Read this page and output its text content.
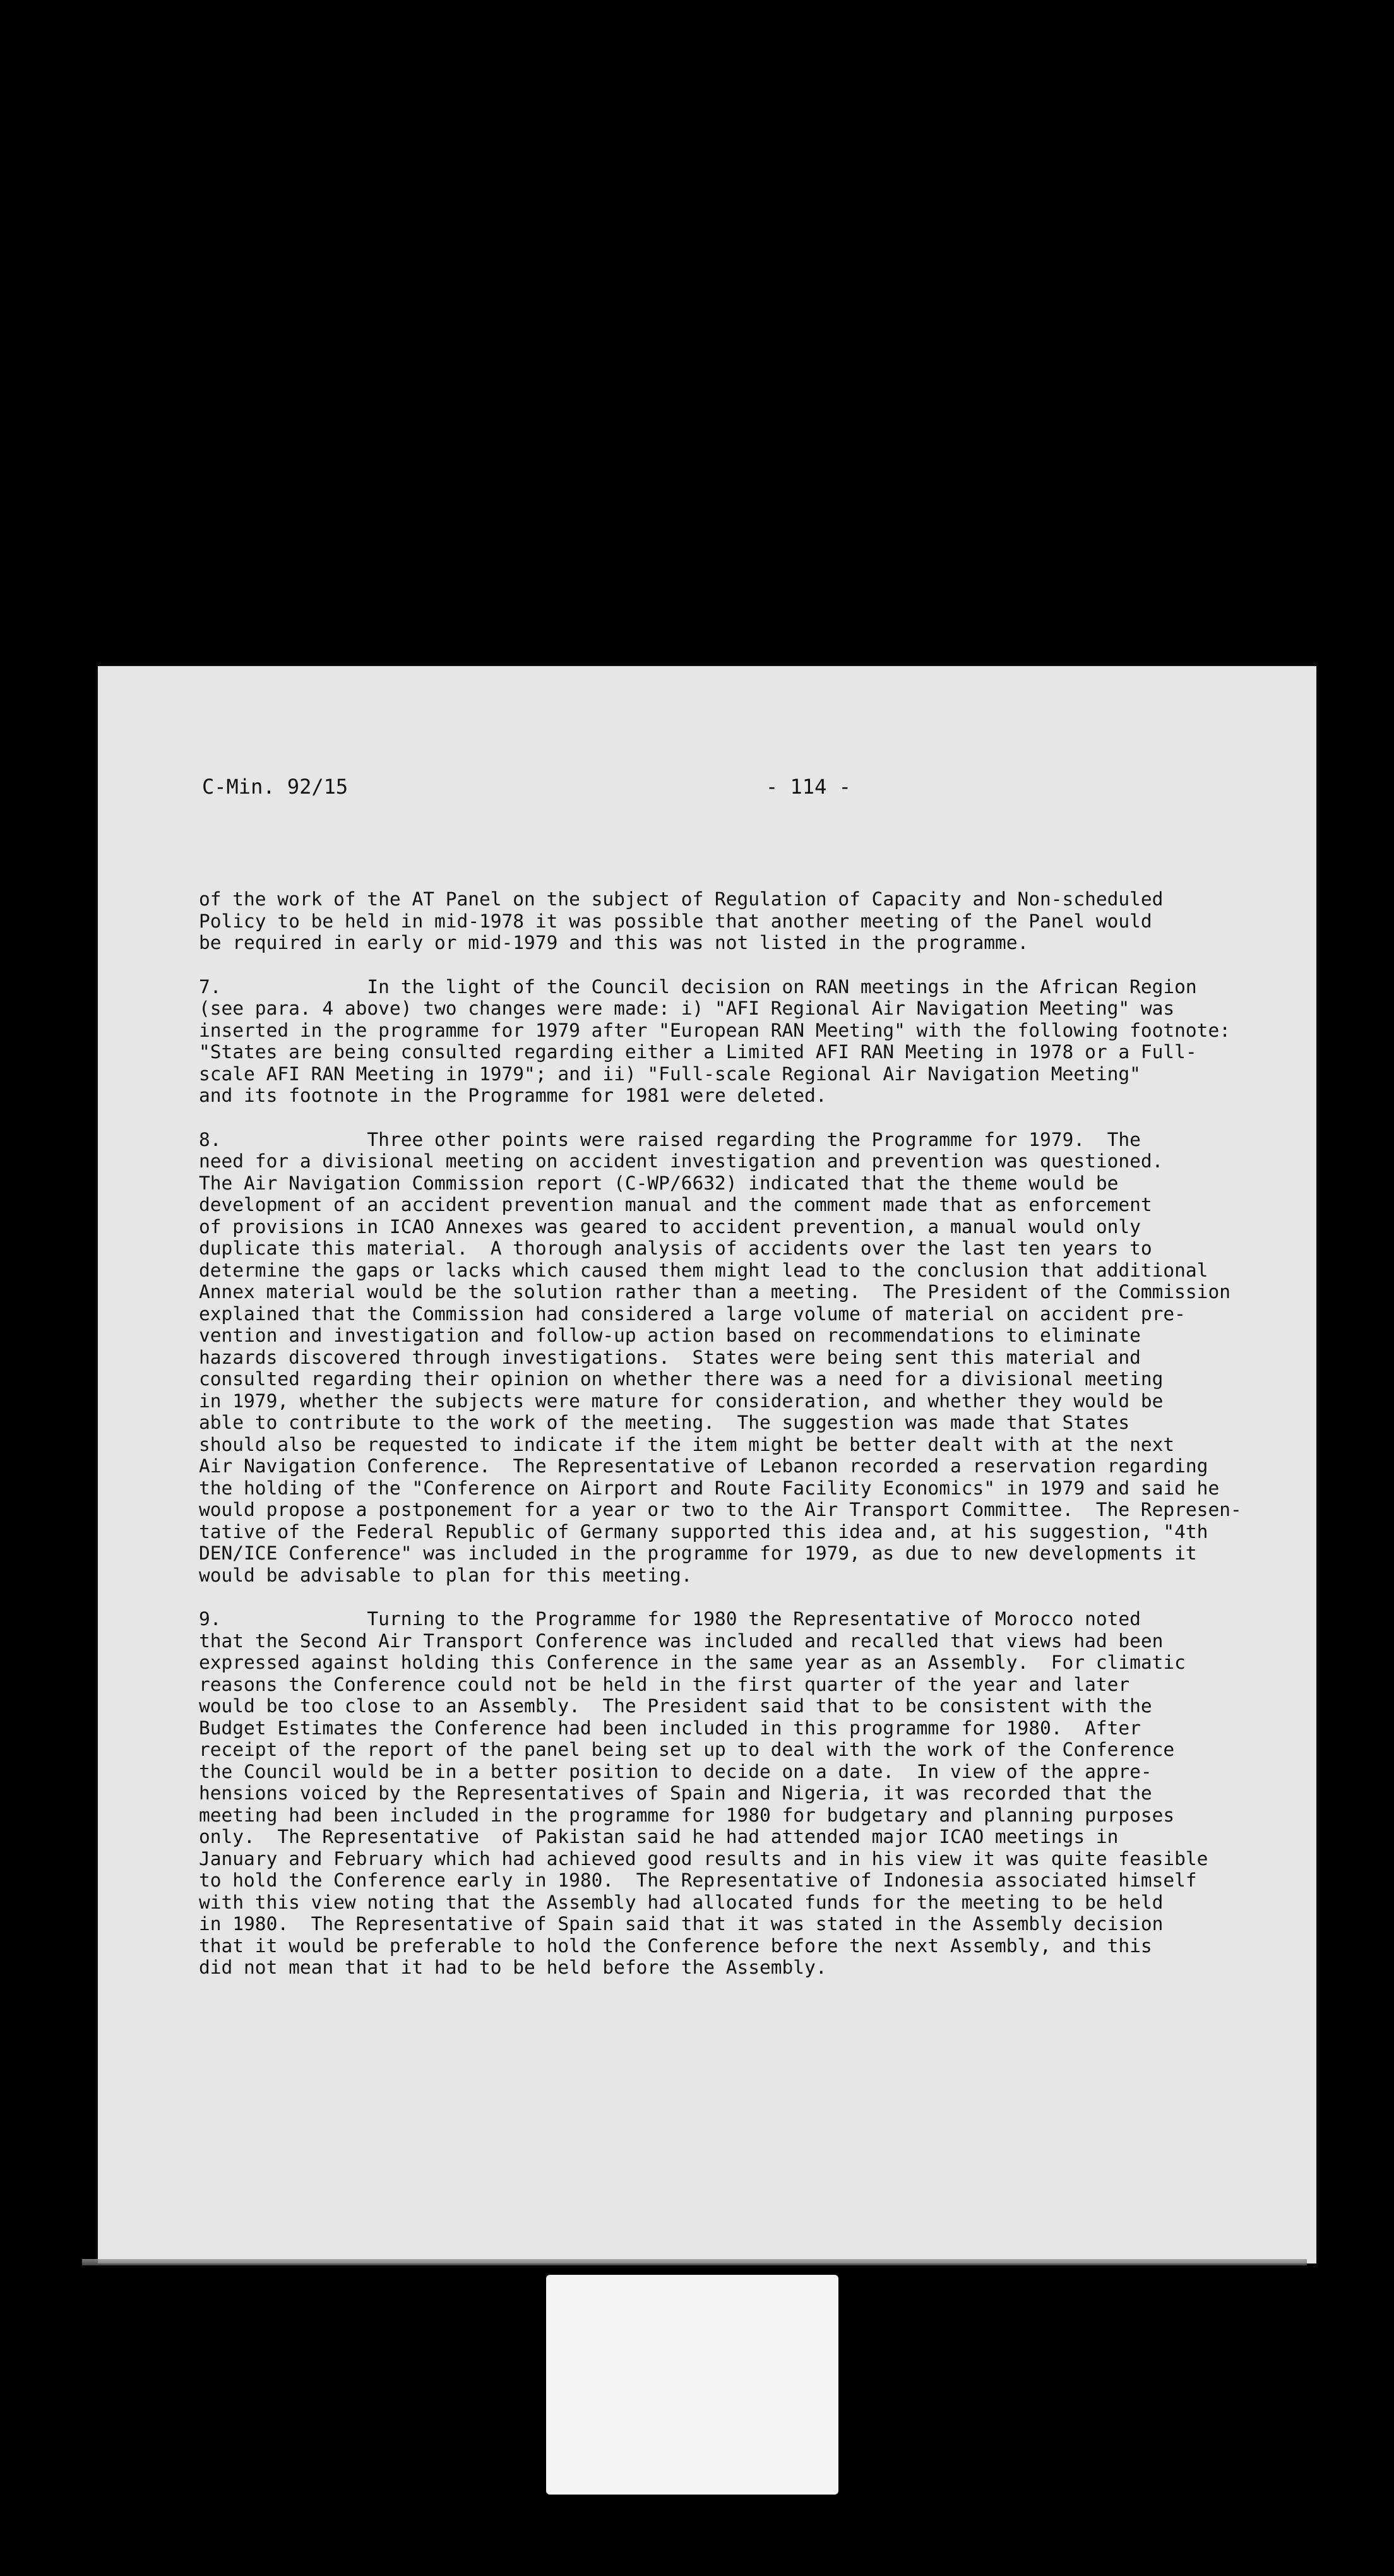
C-Min. 92/15	- 114 -
of the work of the AT Panel on the subject of Regulation of Capacity and Non-scheduled
Policy to be held in mid-1978 it was possible that another meeting of the Panel would
be required in early or mid-1979 and this was not listed in the programme.
7.	In the light of the Council decision on RAN meetings in the African Region
(see para. 4 above) two changes were made: i) "AFI Regional Air Navigation Meeting" was
inserted in the programme for 1979 after "European RAN Meeting" with the following footnote:
"States are being consulted regarding either a Limited AFI RAN Meeting in 1978 or a Full-
scale AFI RAN Meeting in 1979"; and ii) "Full-scale Regional Air Navigation Meeting"
and its footnote in the Programme for 1981 were deleted.
8.	Three other points were raised regarding the Programme for 1979.  The
need for a divisional meeting on accident investigation and prevention was questioned.
The Air Navigation Commission report (C-WP/6632) indicated that the theme would be
development of an accident prevention manual and the comment made that as enforcement
of provisions in ICAO Annexes was geared to accident prevention, a manual would only
duplicate this material.  A thorough analysis of accidents over the last ten years to
determine the gaps or lacks which caused them might lead to the conclusion that additional
Annex material would be the solution rather than a meeting.  The President of the Commission
explained that the Commission had considered a large volume of material on accident pre-
vention and investigation and follow-up action based on recommendations to eliminate
hazards discovered through investigations.  States were being sent this material and
consulted regarding their opinion on whether there was a need for a divisional meeting
in 1979, whether the subjects were mature for consideration, and whether they would be
able to contribute to the work of the meeting.  The suggestion was made that States
should also be requested to indicate if the item might be better dealt with at the next
Air Navigation Conference.  The Representative of Lebanon recorded a reservation regarding
the holding of the "Conference on Airport and Route Facility Economics" in 1979 and said he
would propose a postponement for a year or two to the Air Transport Committee.  The Represen-
tative of the Federal Republic of Germany supported this idea and, at his suggestion, "4th
DEN/ICE Conference" was included in the programme for 1979, as due to new developments it
would be advisable to plan for this meeting.
9.	Turning to the Programme for 1980 the Representative of Morocco noted
that the Second Air Transport Conference was included and recalled that views had been
expressed against holding this Conference in the same year as an Assembly.  For climatic
reasons the Conference could not be held in the first quarter of the year and later
would be too close to an Assembly.  The President said that to be consistent with the
Budget Estimates the Conference had been included in this programme for 1980.  After
receipt of the report of the panel being set up to deal with the work of the Conference
the Council would be in a better position to decide on a date.  In view of the appre-
hensions voiced by the Representatives of Spain and Nigeria, it was recorded that the
meeting had been included in the programme for 1980 for budgetary and planning purposes
only.  The Representative  of Pakistan said he had attended major ICAO meetings in
January and February which had achieved good results and in his view it was quite feasible
to hold the Conference early in 1980.  The Representative of Indonesia associated himself
with this view noting that the Assembly had allocated funds for the meeting to be held
in 1980.  The Representative of Spain said that it was stated in the Assembly decision
that it would be preferable to hold the Conference before the next Assembly, and this
did not mean that it had to be held before the Assembly.
